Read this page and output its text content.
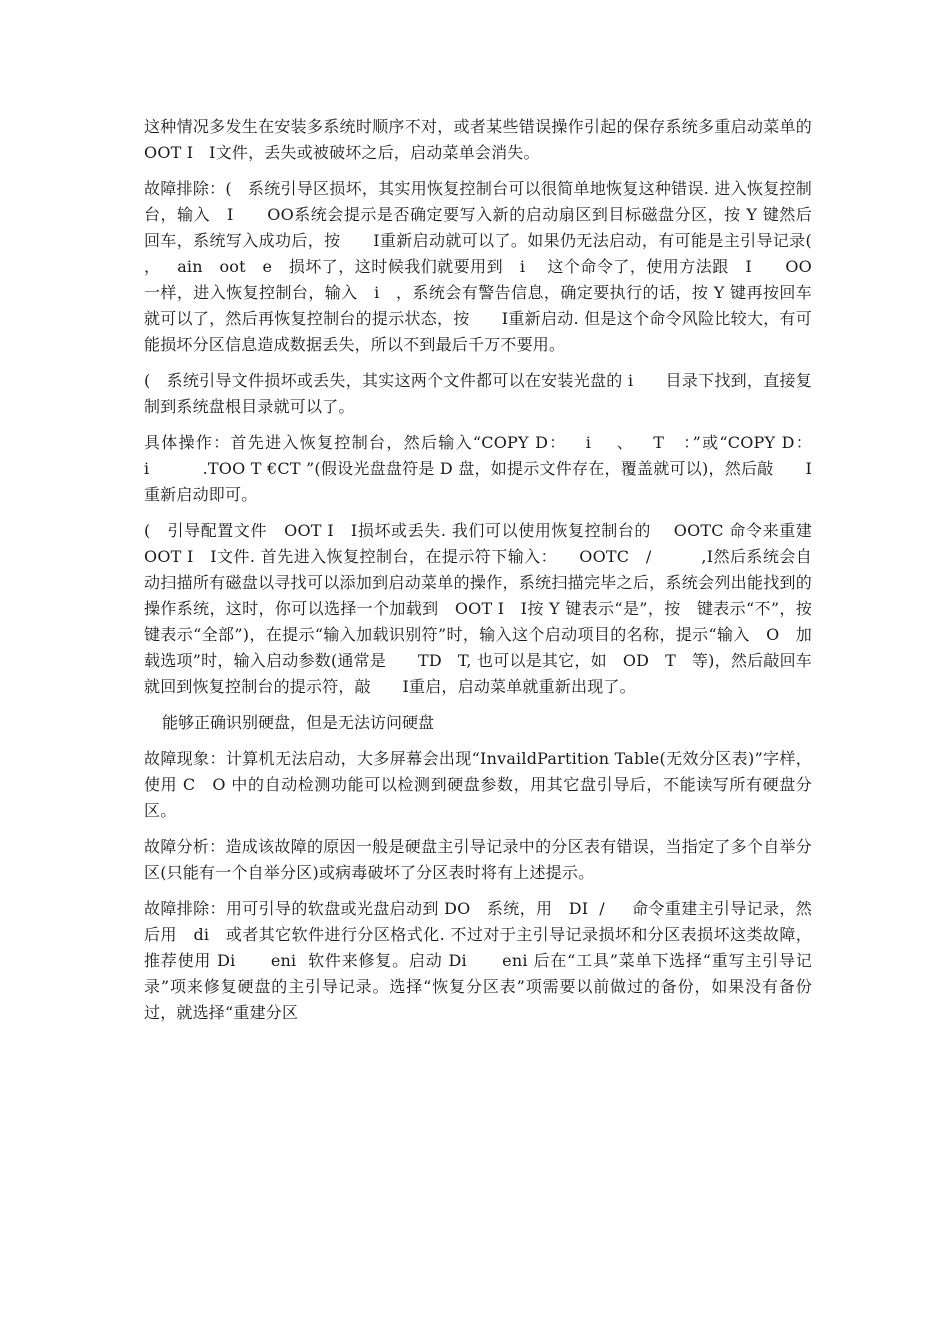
这种情况多发生在安装多系统时顺序不对，或者某些错误操作引起的保存系统多重启动菜单的   OOT I   I文件，丢失或被破坏之后，启动菜单会消失。

故障排除：(   系统引导区损坏，其实用恢复控制台可以很简单地恢复这种错误. 进入恢复控制台，输入   I      OO系统会提示是否确定要写入新的启动扇区到目标磁盘分区，按 Y 键然后回车，系统写入成功后，按      I重新启动就可以了。如果仍无法启动，有可能是主引导记录(   ，   ain   oot   e   损坏了，这时候我们就要用到   i    这个命令了，使用方法跟   I      OO一样，进入恢复控制台，输入   i   ，系统会有警告信息，确定要执行的话，按 Y 键再按回车就可以了，然后再恢复控制台的提示状态，按      I重新启动. 但是这个命令风险比较大，有可能损坏分区信息造成数据丢失，所以不到最后千万不要用。

(   系统引导文件损坏或丢失，其实这两个文件都可以在安装光盘的 i      目录下找到，直接复制到系统盘根目录就可以了。

具体操作：首先进入恢复控制台，然后输入“COPY D：   i    、   T   ：”或“COPY D：        i          .TOO T €CT ”(假设光盘盘符是 D 盘，如提示文件存在，覆盖就可以)，然后敲      I重新启动即可。

(   引导配置文件   OOT I   I损坏或丢失. 我们可以使用恢复控制台的    OOTC 命令来重建   OOT I   I文件. 首先进入恢复控制台，在提示符下输入：    OOTC   /         ,I然后系统会自动扫描所有磁盘以寻找可以添加到启动菜单的操作，系统扫描完毕之后，系统会列出能找到的操作系统，这时，你可以选择一个加载到   OOT I   I按 Y 键表示“是”，按   键表示“不”，按   键表示“全部”)，在提示“输入加载识别符”时，输入这个启动项目的名称，提示“输入   O   加载选项”时，输入启动参数(通常是      TD   T, 也可以是其它，如   OD   T   等)，然后敲回车就回到恢复控制台的提示符，敲      I重启，启动菜单就重新出现了。

能够正确识别硬盘，但是无法访问硬盘

故障现象：计算机无法启动，大多屏幕会出现“InvaildPartition Table(无效分区表)”字样，使用 C   O 中的自动检测功能可以检测到硬盘参数，用其它盘引导后，不能读写所有硬盘分区。

故障分析：造成该故障的原因一般是硬盘主引导记录中的分区表有错误，当指定了多个自举分区(只能有一个自举分区)或病毒破坏了分区表时将有上述提示。

故障排除：用可引导的软盘或光盘启动到 DO   系统，用   DI  /     命令重建主引导记录，然后用   di   或者其它软件进行分区格式化. 不过对于主引导记录损坏和分区表损坏这类故障，推荐使用 Di      eni  软件来修复。启动 Di      eni 后在“工具”菜单下选择“重写主引导记录”项来修复硬盘的主引导记录。选择“恢复分区表”项需要以前做过的备份，如果没有备份过，就选择“重建分区
